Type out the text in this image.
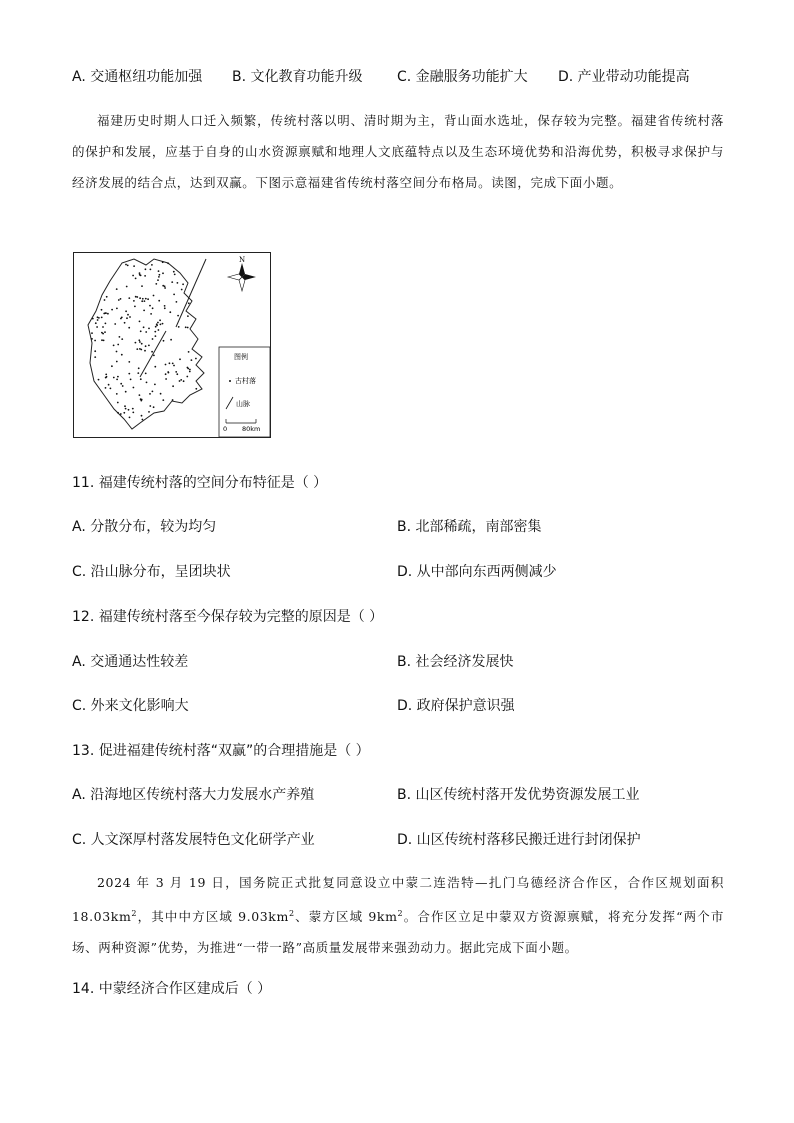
A. 交通枢纽功能加强 B. 文化教育功能升级 C. 金融服务功能扩大 D. 产业带动功能提高
福建历史时期人口迁入频繁，传统村落以明、清时期为主，背山面水选址，保存较为完整。福建省传统村落的保护和发展，应基于自身的山水资源禀赋和地理人文底蕴特点以及生态环境优势和沿海优势，积极寻求保护与经济发展的结合点，达到双赢。下图示意福建省传统村落空间分布格局。读图，完成下面小题。
N
图例
古村落
山脉
0 80km
11. 福建传统村落的空间分布特征是（ ）
A. 分散分布，较为均匀	B. 北部稀疏，南部密集
C. 沿山脉分布，呈团块状	D. 从中部向东西两侧减少
12. 福建传统村落至今保存较为完整的原因是（ ）
A. 交通通达性较差	B. 社会经济发展快
C. 外来文化影响大	D. 政府保护意识强
13. 促进福建传统村落“双赢”的合理措施是（ ）
A. 沿海地区传统村落大力发展水产养殖	B. 山区传统村落开发优势资源发展工业
C. 人文深厚村落发展特色文化研学产业	D. 山区传统村落移民搬迁进行封闭保护
2024 年 3 月 19 日，国务院正式批复同意设立中蒙二连浩特—扎门乌德经济合作区，合作区规划面积 $18.03km^2$，其中中方区域 $9.03km^2$、蒙方区域 $9km^2$。合作区立足中蒙双方资源禀赋，将充分发挥“两个市场、两种资源”优势，为推进“一带一路”高质量发展带来强劲动力。据此完成下面小题。
14. 中蒙经济合作区建成后（ ）
